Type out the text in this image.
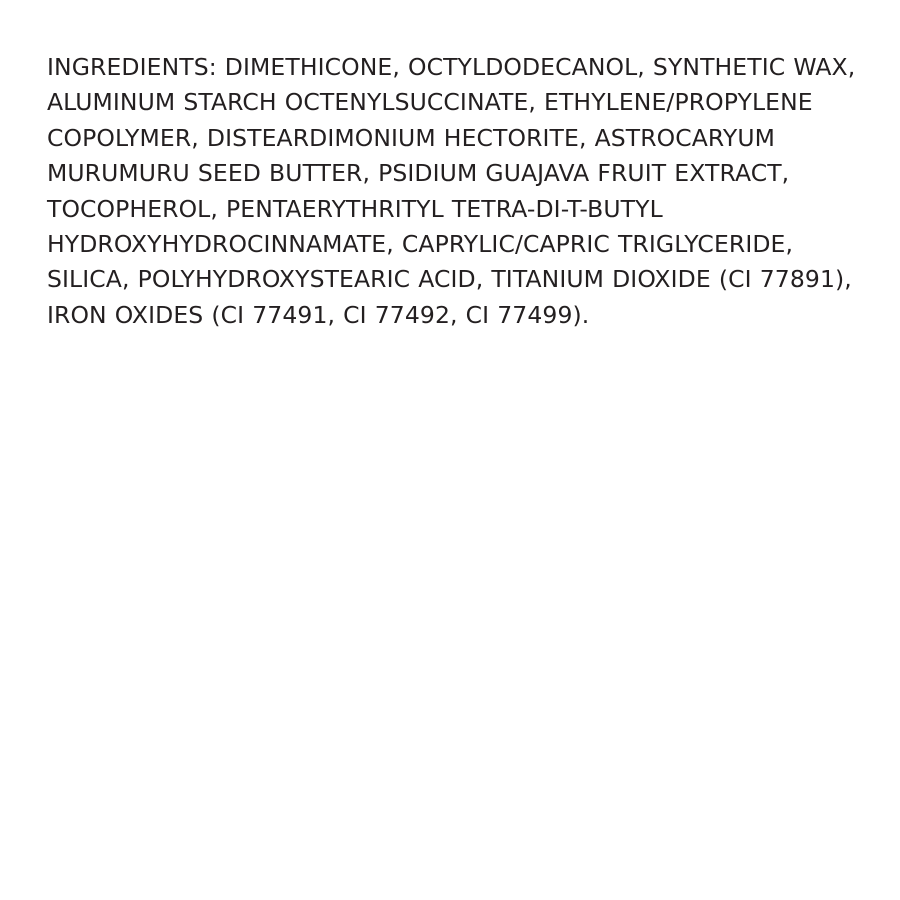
INGREDIENTS: DIMETHICONE, OCTYLDODECANOL, SYNTHETIC WAX, ALUMINUM STARCH OCTENYLSUCCINATE, ETHYLENE/PROPYLENE COPOLYMER, DISTEARDIMONIUM HECTORITE, ASTROCARYUM MURUMURU SEED BUTTER, PSIDIUM GUAJAVA FRUIT EXTRACT, TOCOPHEROL, PENTAERYTHRITYL TETRA-DI-T-BUTYL HYDROXYHYDROCINNAMATE, CAPRYLIC/CAPRIC TRIGLYCERIDE, SILICA, POLYHYDROXYSTEARIC ACID, TITANIUM DIOXIDE (CI 77891), IRON OXIDES (CI 77491, CI 77492, CI 77499).
